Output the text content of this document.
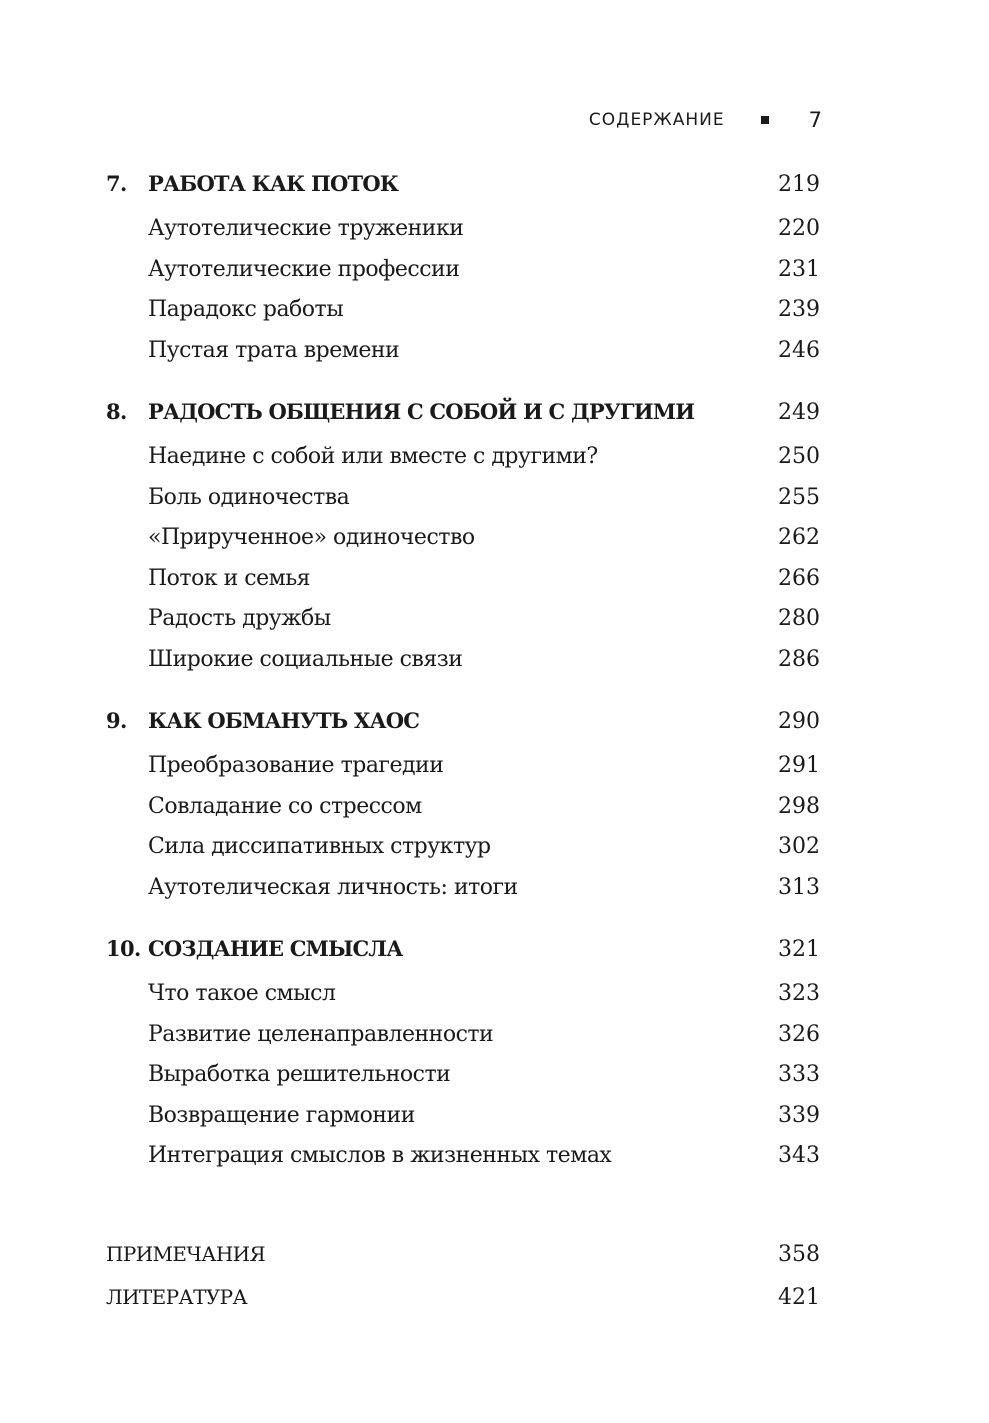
СОДЕРЖАНИЕ	7
7.	РАБОТА КАК ПОТОК	219
Аутотелические труженики	220
Аутотелические профессии	231
Парадокс работы	239
Пустая трата времени	246
8.	РАДОСТЬ ОБЩЕНИЯ С СОБОЙ И С ДРУГИМИ	249
Наедине с собой или вместе с другими?	250
Боль одиночества	255
«Прирученное» одиночество	262
Поток и семья	266
Радость дружбы	280
Широкие социальные связи	286
9.	КАК ОБМАНУТЬ ХАОС	290
Преобразование трагедии	291
Совладание со стрессом	298
Сила диссипативных структур	302
Аутотелическая личность: итоги	313
10. СОЗДАНИЕ СМЫСЛА	321
Что такое смысл	323
Развитие целенаправленности	326
Выработка решительности	333
Возвращение гармонии	339
Интеграция смыслов в жизненных темах	343
ПРИМЕЧАНИЯ	358
ЛИТЕРАТУРА	421
